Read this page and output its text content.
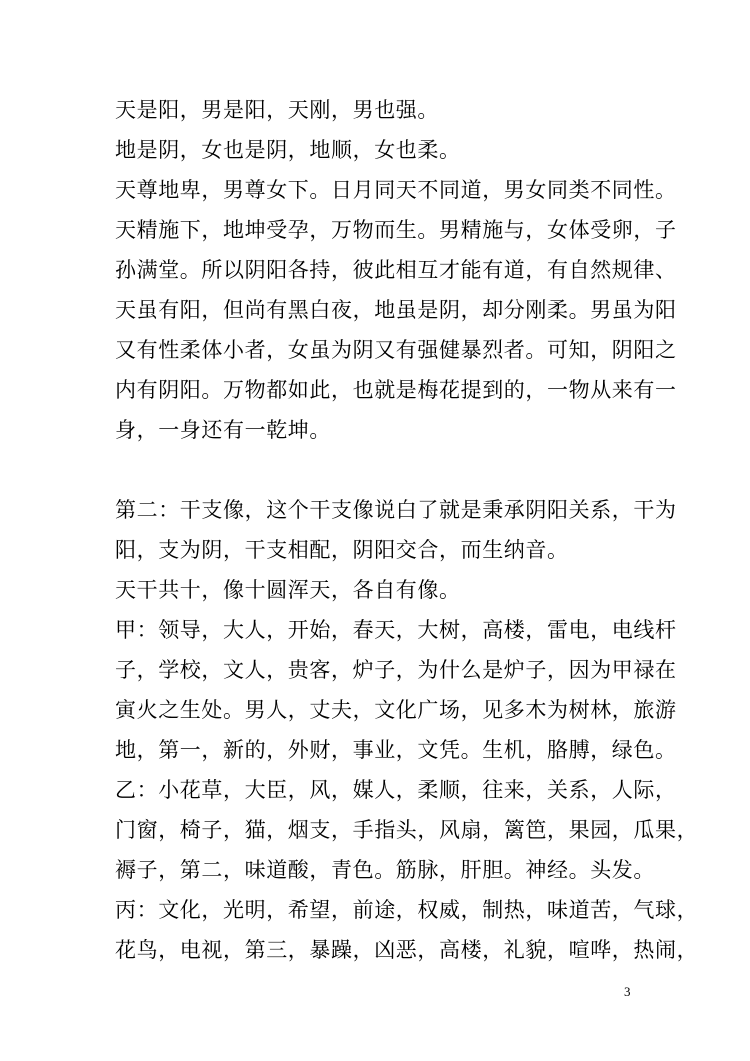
天是阳，男是阳，天刚，男也强。
地是阴，女也是阴，地顺，女也柔。
天尊地卑，男尊女下。日月同天不同道，男女同类不同性。
天精施下，地坤受孕，万物而生。男精施与，女体受卵，子
孙满堂。所以阴阳各持，彼此相互才能有道，有自然规律、
天虽有阳，但尚有黑白夜，地虽是阴，却分刚柔。男虽为阳
又有性柔体小者，女虽为阴又有强健暴烈者。可知，阴阳之
内有阴阳。万物都如此，也就是梅花提到的，一物从来有一
身，一身还有一乾坤。
第二：干支像，这个干支像说白了就是秉承阴阳关系，干为
阳，支为阴，干支相配，阴阳交合，而生纳音。
天干共十，像十圆浑天，各自有像。
甲：领导，大人，开始，春天，大树，高楼，雷电，电线杆
子，学校，文人，贵客，炉子，为什么是炉子，因为甲禄在
寅火之生处。男人，丈夫，文化广场，见多木为树林，旅游
地，第一，新的，外财，事业，文凭。生机，胳膊，绿色。
乙：小花草，大臣，风，媒人，柔顺，往来，关系，人际，
门窗，椅子，猫，烟支，手指头，风扇，篱笆，果园，瓜果，
褥子，第二，味道酸，青色。筋脉，肝胆。神经。头发。
丙：文化，光明，希望，前途，权威，制热，味道苦，气球，
花鸟，电视，第三，暴躁，凶恶，高楼，礼貌，喧哗，热闹，
3
